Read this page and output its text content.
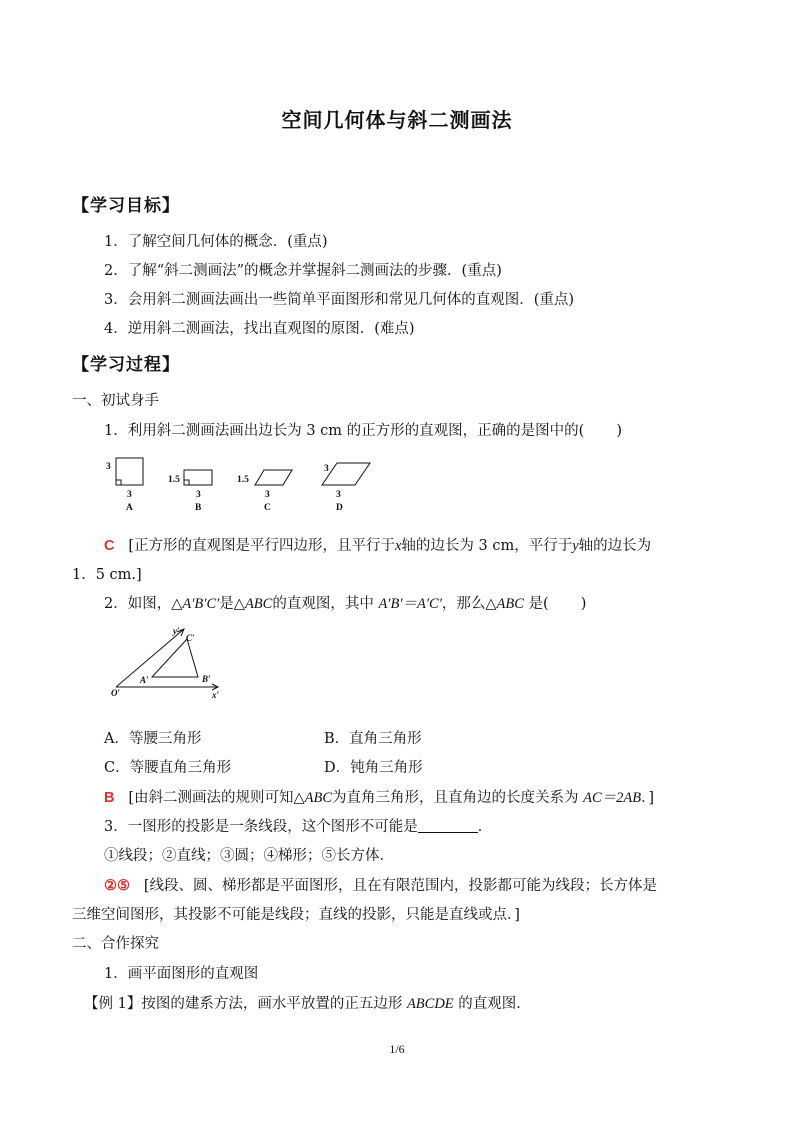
空间几何体与斜二测画法
【学习目标】
1．了解空间几何体的概念．(重点)
2．了解“斜二测画法”的概念并掌握斜二测画法的步骤．(重点)
3．会用斜二测画法画出一些简单平面图形和常见几何体的直观图．(重点)
4．逆用斜二测画法，找出直观图的原图．(难点)
【学习过程】
一、初试身手
1．利用斜二测画法画出边长为 3 cm 的正方形的直观图，正确的是图中的( )
3
3
A
1.5
3
B
1.5
3
C
3
3
D
C [正方形的直观图是平行四边形，且平行于x轴的边长为 3 cm，平行于y轴的边长为
1．5 cm.]
2．如图，△A′B′C′是△ABC的直观图，其中 A′B′＝A′C′，那么△ABC 是( )
y′
C′
A′	B′
O′	x′
A．等腰三角形	B．直角三角形
C．等腰直角三角形	D．钝角三角形
B [由斜二测画法的规则可知△ABC为直角三角形，且直角边的长度关系为 AC＝2AB．]
3．一图形的投影是一条线段，这个图形不可能是	．
①线段；②直线；③圆；④梯形；⑤长方体．
②⑤ [线段、圆、梯形都是平面图形，且在有限范围内，投影都可能为线段；长方体是
三维空间图形，其投影不可能是线段；直线的投影，只能是直线或点．]
二、合作探究
1．画平面图形的直观图
【例 1】按图的建系方法，画水平放置的正五边形 ABCDE 的直观图．
1/6
